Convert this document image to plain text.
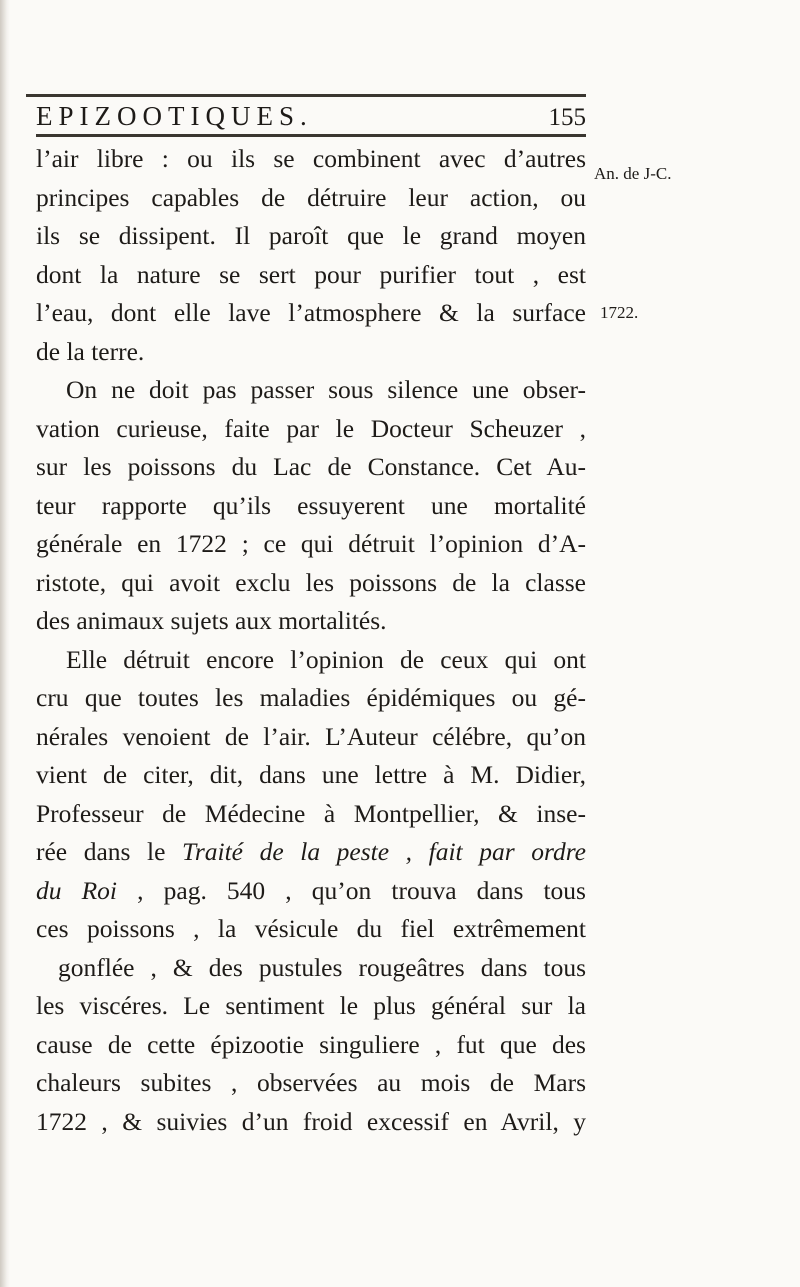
EPIZOOTIQUES.	155
An. de J-C.
1722.
l’air libre : ou ils se combinent avec d’autres
principes capables de détruire leur action, ou
ils se dissipent. Il paroît que le grand moyen
dont la nature se sert pour purifier tout , est
l’eau, dont elle lave l’atmosphere & la surface
de la terre.
On ne doit pas passer sous silence une obser-
vation curieuse, faite par le Docteur Scheuzer ,
sur les poissons du Lac de Constance. Cet Au-
teur rapporte qu’ils essuyerent une mortalité
générale en 1722 ; ce qui détruit l’opinion d’A-
ristote, qui avoit exclu les poissons de la classe
des animaux sujets aux mortalités.
Elle détruit encore l’opinion de ceux qui ont
cru que toutes les maladies épidémiques ou gé-
nérales venoient de l’air. L’Auteur célébre, qu’on
vient de citer, dit, dans une lettre à M. Didier,
Professeur de Médecine à Montpellier, & inse-
rée dans le Traité de la peste , fait par ordre
du Roi , pag. 540 , qu’on trouva dans tous
ces poissons , la vésicule du fiel extrêmement
gonflée , & des pustules rougeâtres dans tous
les viscéres. Le sentiment le plus général sur la
cause de cette épizootie singuliere , fut que des
chaleurs subites , observées au mois de Mars
1722 , & suivies d’un froid excessif en Avril, y
